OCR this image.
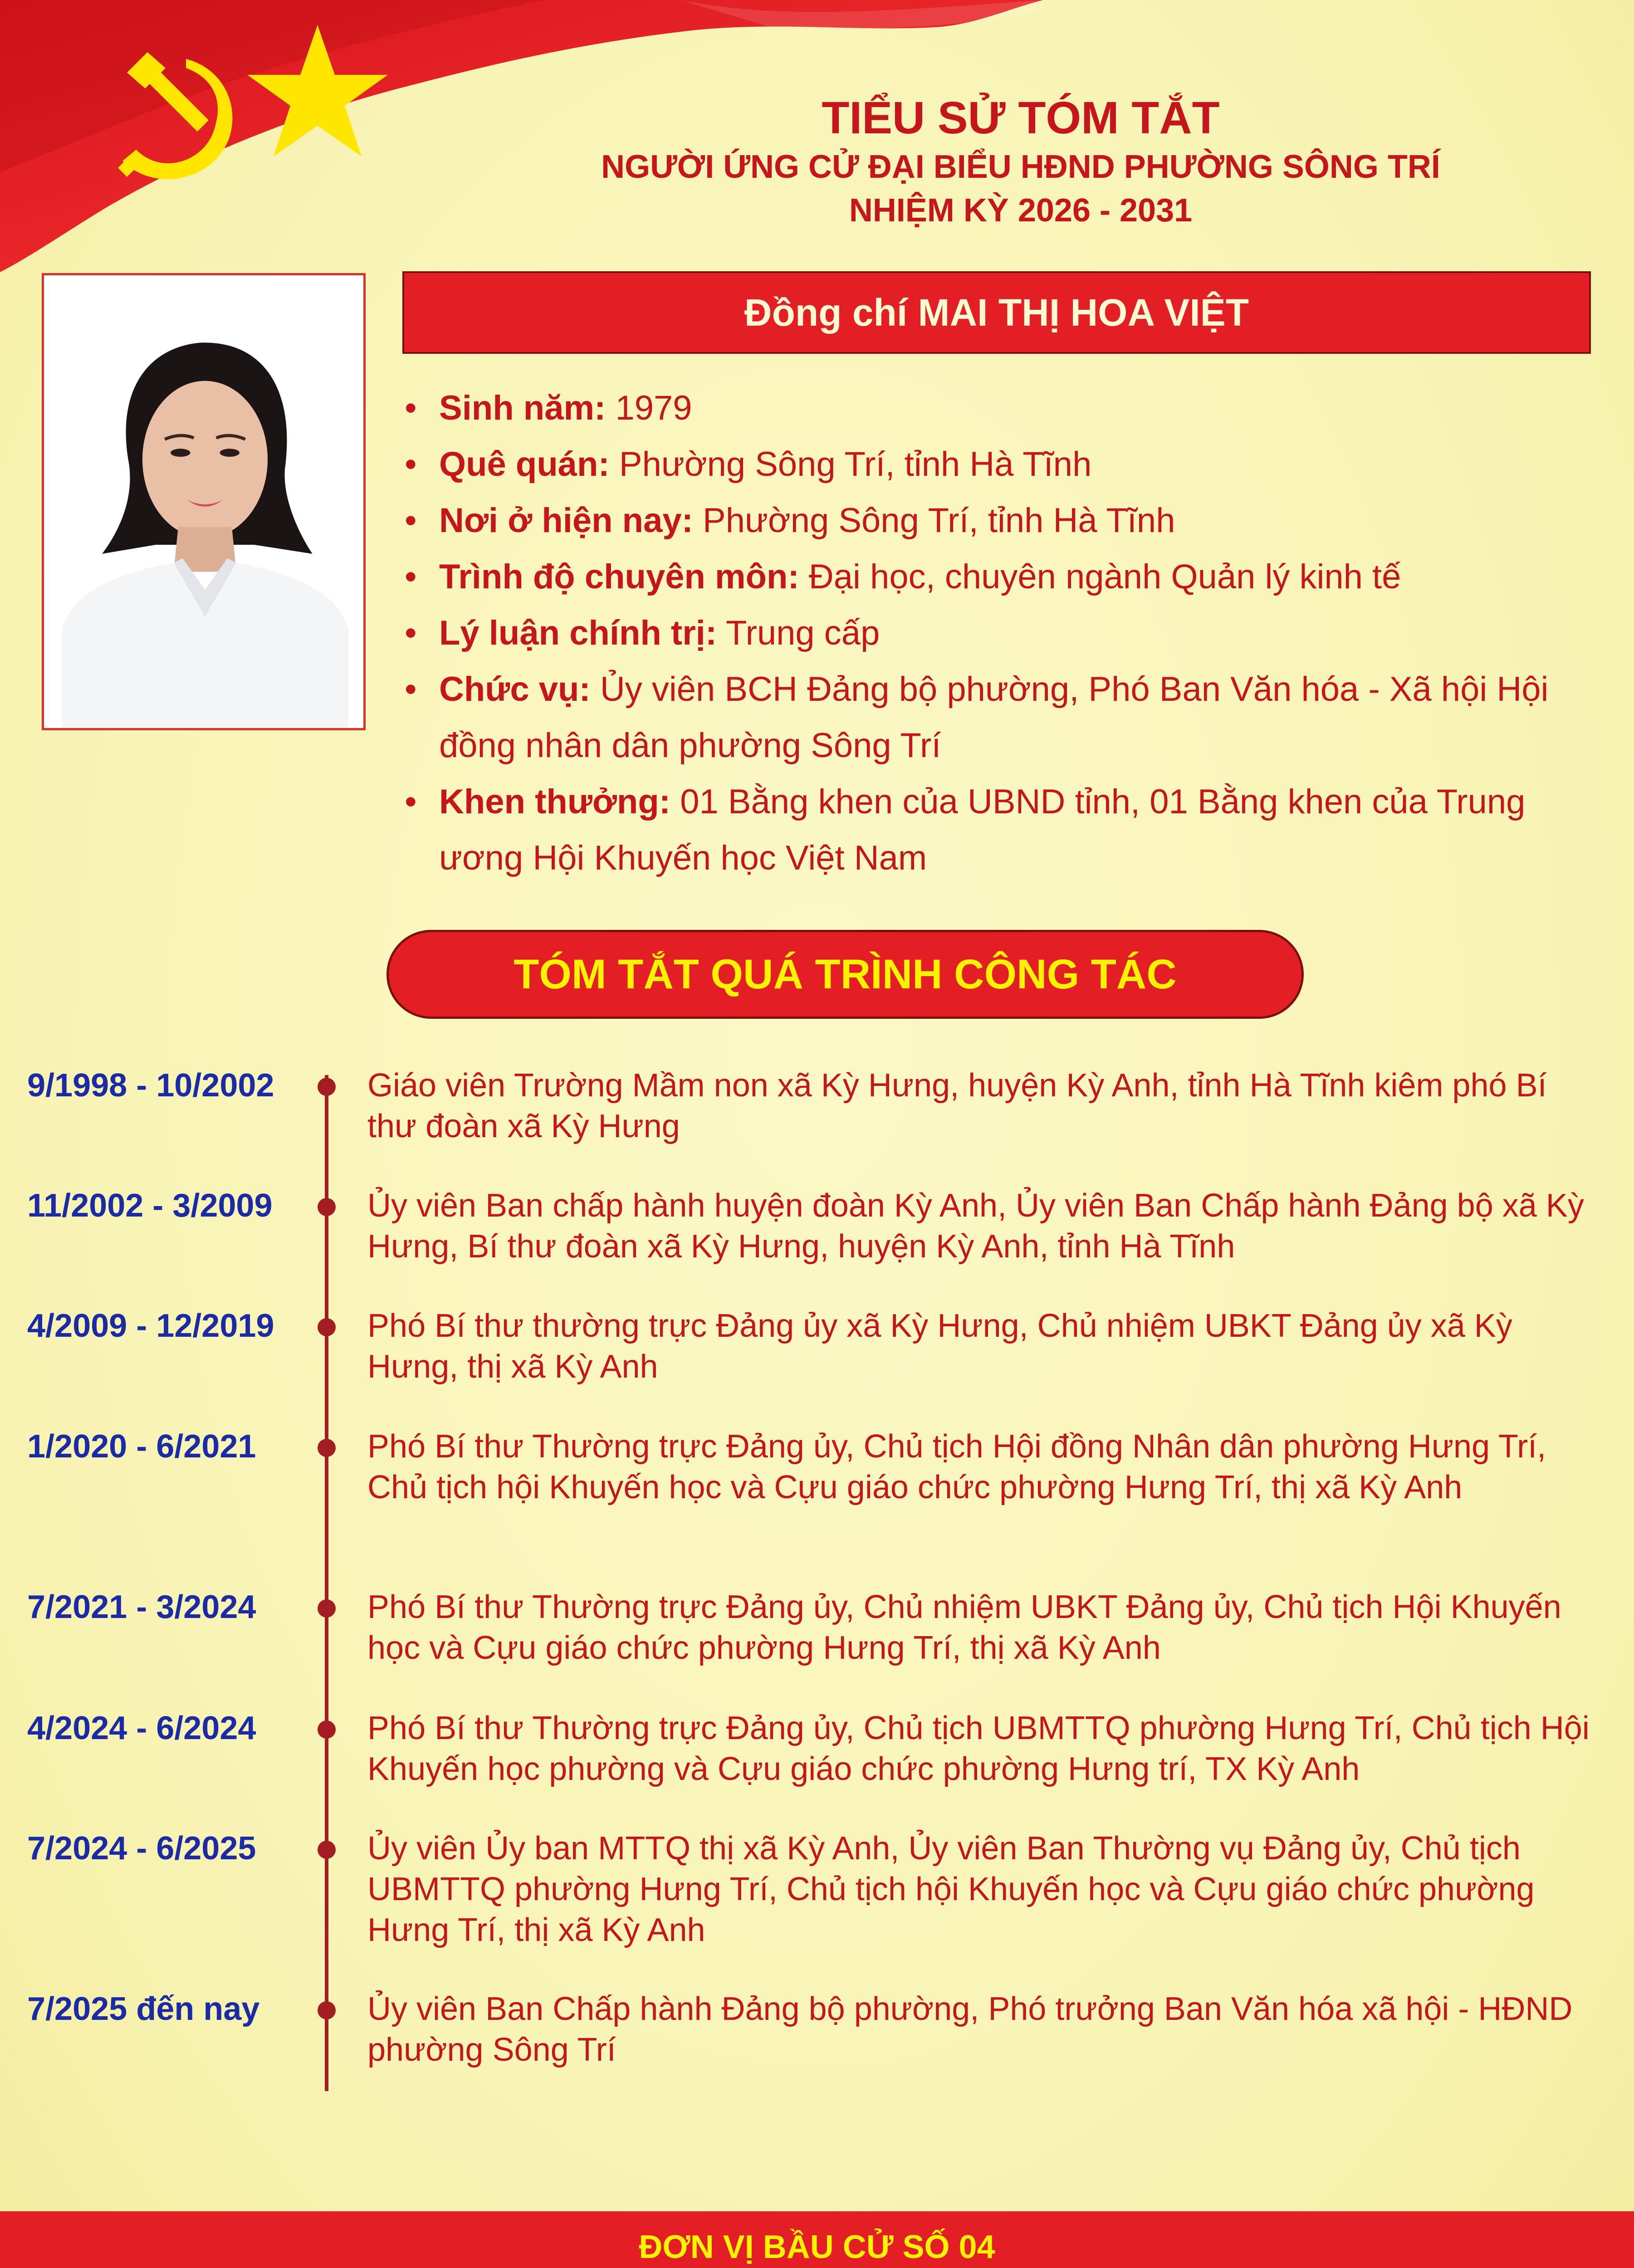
TIỂU SỬ TÓM TẮT
NGƯỜI ỨNG CỬ ĐẠI BIỂU HĐND PHƯỜNG SÔNG TRÍ
NHIỆM KỲ 2026 - 2031
Đồng chí MAI THỊ HOA VIỆT
• Sinh năm: 1979
• Quê quán: Phường Sông Trí, tỉnh Hà Tĩnh
• Nơi ở hiện nay: Phường Sông Trí, tỉnh Hà Tĩnh
• Trình độ chuyên môn: Đại học, chuyên ngành Quản lý kinh tế
• Lý luận chính trị: Trung cấp
• Chức vụ: Ủy viên BCH Đảng bộ phường, Phó Ban Văn hóa - Xã hội Hội đồng nhân dân phường Sông Trí
• Khen thưởng: 01 Bằng khen của UBND tỉnh, 01 Bằng khen của Trung ương Hội Khuyến học Việt Nam
TÓM TẮT QUÁ TRÌNH CÔNG TÁC
9/1998 - 10/2002	Giáo viên Trường Mầm non xã Kỳ Hưng, huyện Kỳ Anh, tỉnh Hà Tĩnh kiêm phó Bí thư đoàn xã Kỳ Hưng
11/2002 - 3/2009	Ủy viên Ban chấp hành huyện đoàn Kỳ Anh, Ủy viên Ban Chấp hành Đảng bộ xã Kỳ Hưng, Bí thư đoàn xã Kỳ Hưng, huyện Kỳ Anh, tỉnh Hà Tĩnh
4/2009 - 12/2019	Phó Bí thư thường trực Đảng ủy xã Kỳ Hưng, Chủ nhiệm UBKT Đảng ủy xã Kỳ Hưng, thị xã Kỳ Anh
1/2020 - 6/2021	Phó Bí thư Thường trực Đảng ủy, Chủ tịch Hội đồng Nhân dân phường Hưng Trí, Chủ tịch hội Khuyến học và Cựu giáo chức phường Hưng Trí, thị xã Kỳ Anh
7/2021 - 3/2024	Phó Bí thư Thường trực Đảng ủy, Chủ nhiệm UBKT Đảng ủy, Chủ tịch Hội Khuyến học và Cựu giáo chức phường Hưng Trí, thị xã Kỳ Anh
4/2024 - 6/2024	Phó Bí thư Thường trực Đảng ủy, Chủ tịch UBMTTQ phường Hưng Trí, Chủ tịch Hội Khuyến học phường và Cựu giáo chức phường Hưng trí, TX Kỳ Anh
7/2024 - 6/2025	Ủy viên Ủy ban MTTQ thị xã Kỳ Anh, Ủy viên Ban Thường vụ Đảng ủy, Chủ tịch UBMTTQ phường Hưng Trí, Chủ tịch hội Khuyến học và Cựu giáo chức phường Hưng Trí, thị xã Kỳ Anh
7/2025 đến nay	Ủy viên Ban Chấp hành Đảng bộ phường, Phó trưởng Ban Văn hóa xã hội - HĐND phường Sông Trí
ĐƠN VỊ BẦU CỬ SỐ 04
